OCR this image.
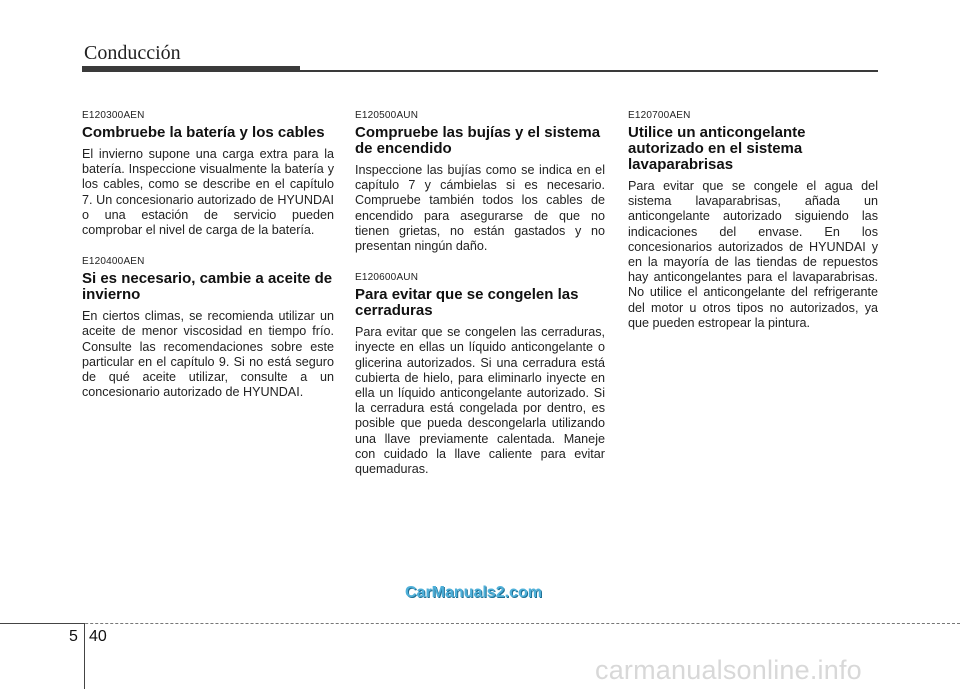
Conducción
E120300AEN
Combruebe la batería y los cables

El invierno supone una carga extra para la batería. Inspeccione visualmente la batería y los cables, como se describe en el capítulo 7. Un concesionario autorizado de HYUNDAI o una estación de servicio pueden comprobar el nivel de carga de la batería.

E120400AEN
Si es necesario, cambie a aceite de invierno

En ciertos climas, se recomienda utilizar un aceite de menor viscosidad en tiempo frío. Consulte las recomendaciones sobre este particular en el capítulo 9. Si no está seguro de qué aceite utilizar, consulte a un concesionario autorizado de HYUNDAI.

E120500AUN
Compruebe las bujías y el sistema de encendido

Inspeccione las bujías como se indica en el capítulo 7 y cámbielas si es necesario. Compruebe también todos los cables de encendido para asegurarse de que no tienen grietas, no están gastados y no presentan ningún daño.

E120600AUN
Para evitar que se congelen las cerraduras

Para evitar que se congelen las cerraduras, inyecte en ellas un líquido anticongelante o glicerina autorizados. Si una cerradura está cubierta de hielo, para eliminarlo inyecte en ella un líquido anticongelante autorizado. Si la cerradura está congelada por dentro, es posible que pueda descongelarla utilizando una llave previamente calentada. Maneje con cuidado la llave caliente para evitar quemaduras.

E120700AEN
Utilice un anticongelante autorizado en el sistema lavaparabrisas

Para evitar que se congele el agua del sistema lavaparabrisas, añada un anticongelante autorizado siguiendo las indicaciones del envase. En los concesionarios autorizados de HYUNDAI y en la mayoría de las tiendas de repuestos hay anticongelantes para el lavaparabrisas. No utilice el anticongelante del refrigerante del motor u otros tipos no autorizados, ya que pueden estropear la pintura.

CarManuals2.com
5 40
carmanualsonline.info
